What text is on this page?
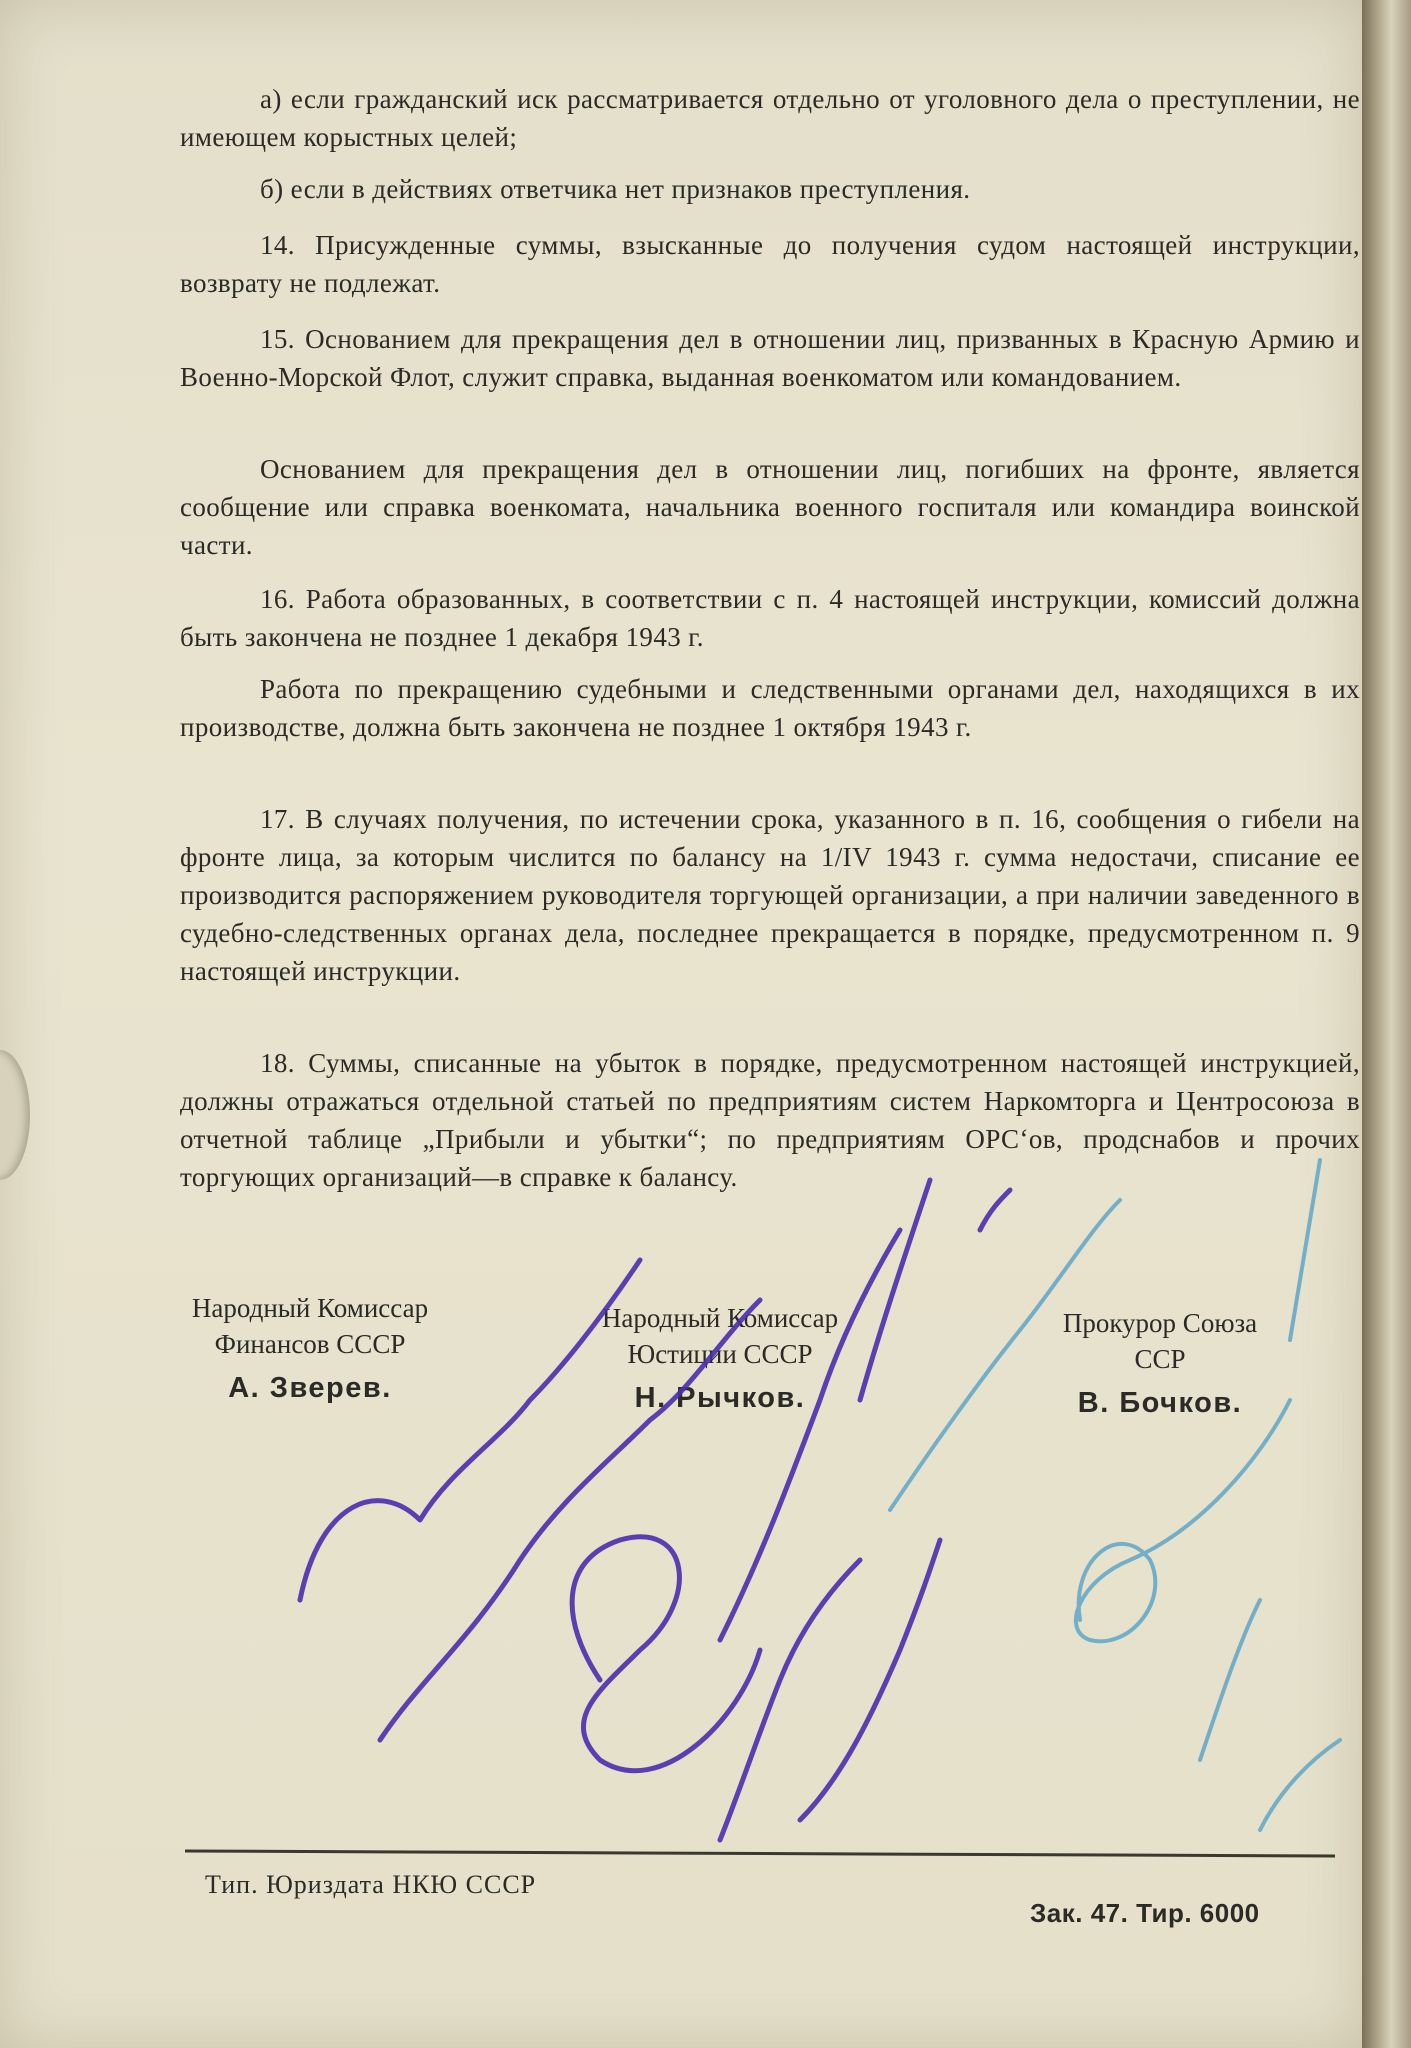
а) если гражданский иск рассматривается отдельно от уголовного дела о преступлении, не имеющем корыстных целей;

б) если в действиях ответчика нет признаков преступления.

14. Присужденные суммы, взысканные до получения судом настоящей инструкции, возврату не подлежат.

15. Основанием для прекращения дел в отношении лиц, призванных в Красную Армию и Военно-Морской Флот, служит справка, выданная военкоматом или командованием.

Основанием для прекращения дел в отношении лиц, погибших на фронте, является сообщение или справка военкомата, начальника военного госпиталя или командира воинской части.

16. Работа образованных, в соответствии с п. 4 настоящей инструкции, комиссий должна быть закончена не позднее 1 декабря 1943 г.

Работа по прекращению судебными и следственными органами дел, находящихся в их производстве, должна быть закончена не позднее 1 октября 1943 г.

17. В случаях получения, по истечении срока, указанного в п. 16, сообщения о гибели на фронте лица, за которым числится по балансу на 1/IV 1943 г. сумма недостачи, списание ее производится распоряжением руководителя торгующей организации, а при наличии заведенного в судебно-следственных органах дела, последнее прекращается в порядке, предусмотренном п. 9 настоящей инструкции.

18. Суммы, списанные на убыток в порядке, предусмотренном настоящей инструкцией, должны отражаться отдельной статьей по предприятиям систем Наркомторга и Центросоюза в отчетной таблице „Прибыли и убытки“; по предприятиям ОРС‘ов, продснабов и прочих торгующих организаций—в справке к балансу.

Народный Комиссар
Финансов СССР
А. Зверев.
Народный Комиссар
Юстиции СССР
Н. Рычков.
Прокурор Союза
ССР
В. Бочков.
Тип. Юриздата НКЮ СССР
Зак. 47. Тир. 6000
